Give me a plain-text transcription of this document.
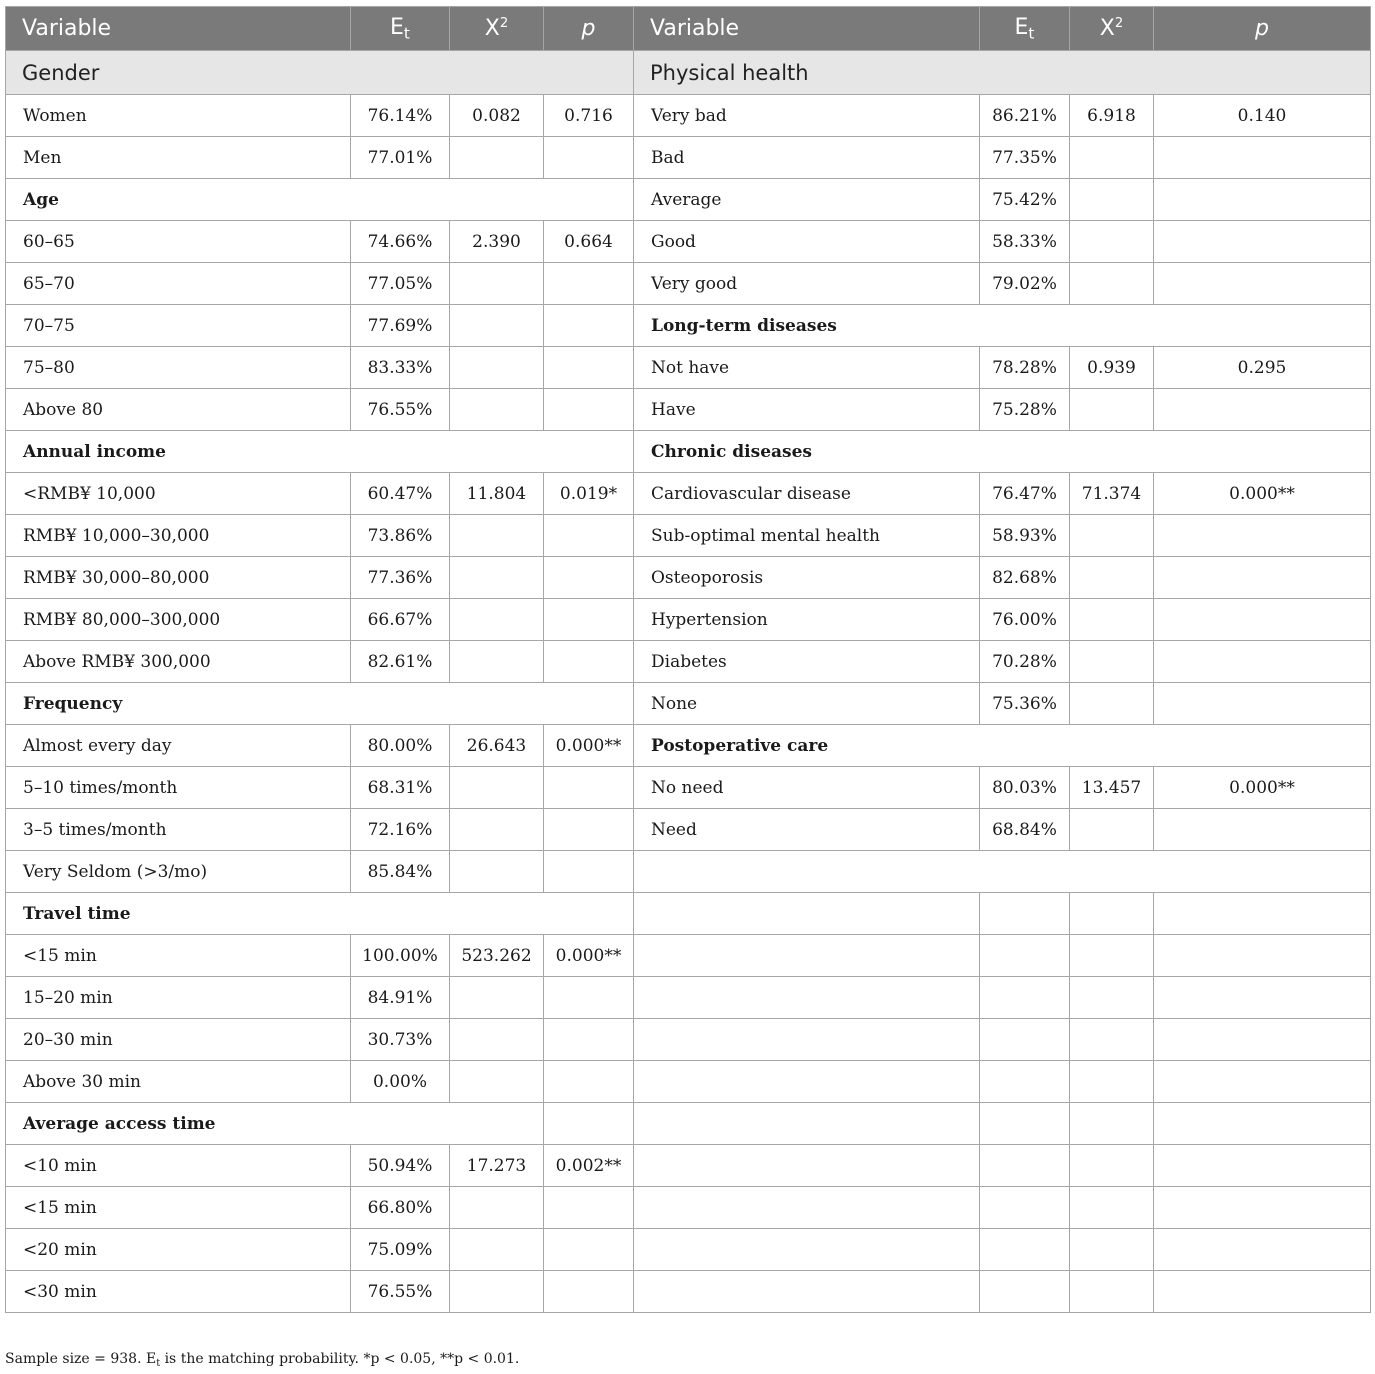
Variable	$E_t$	$X^2$	p	Variable	$E_t$	$X^2$	p
Gender				Physical health			
Women	76.14%	0.082	0.716	Very bad	86.21%	6.918	0.140
Men	77.01%			Bad	77.35%		
Age				Average	75.42%		
60–65	74.66%	2.390	0.664	Good	58.33%		
65–70	77.05%			Very good	79.02%		
70–75	77.69%			Long-term diseases			
75–80	83.33%			Not have	78.28%	0.939	0.295
Above 80	76.55%			Have	75.28%		
Annual income				Chronic diseases			
<RMB¥ 10,000	60.47%	11.804	0.019*	Cardiovascular disease	76.47%	71.374	0.000**
RMB¥ 10,000–30,000	73.86%			Sub-optimal mental health	58.93%		
RMB¥ 30,000–80,000	77.36%			Osteoporosis	82.68%		
RMB¥ 80,000–300,000	66.67%			Hypertension	76.00%		
Above RMB¥ 300,000	82.61%			Diabetes	70.28%		
Frequency				None	75.36%		
Almost every day	80.00%	26.643	0.000**	Postoperative care			
5–10 times/month	68.31%			No need	80.03%	13.457	0.000**
3–5 times/month	72.16%			Need	68.84%		
Very Seldom (>3/mo)	85.84%						
Travel time							
<15 min	100.00%	523.262	0.000**				
15–20 min	84.91%						
20–30 min	30.73%						
Above 30 min	0.00%						
Average access time							
<10 min	50.94%	17.273	0.002**				
<15 min	66.80%						
<20 min	75.09%						
<30 min	76.55%						
Sample size = 938. $E_t$ is the matching probability. *p < 0.05, **p < 0.01.
